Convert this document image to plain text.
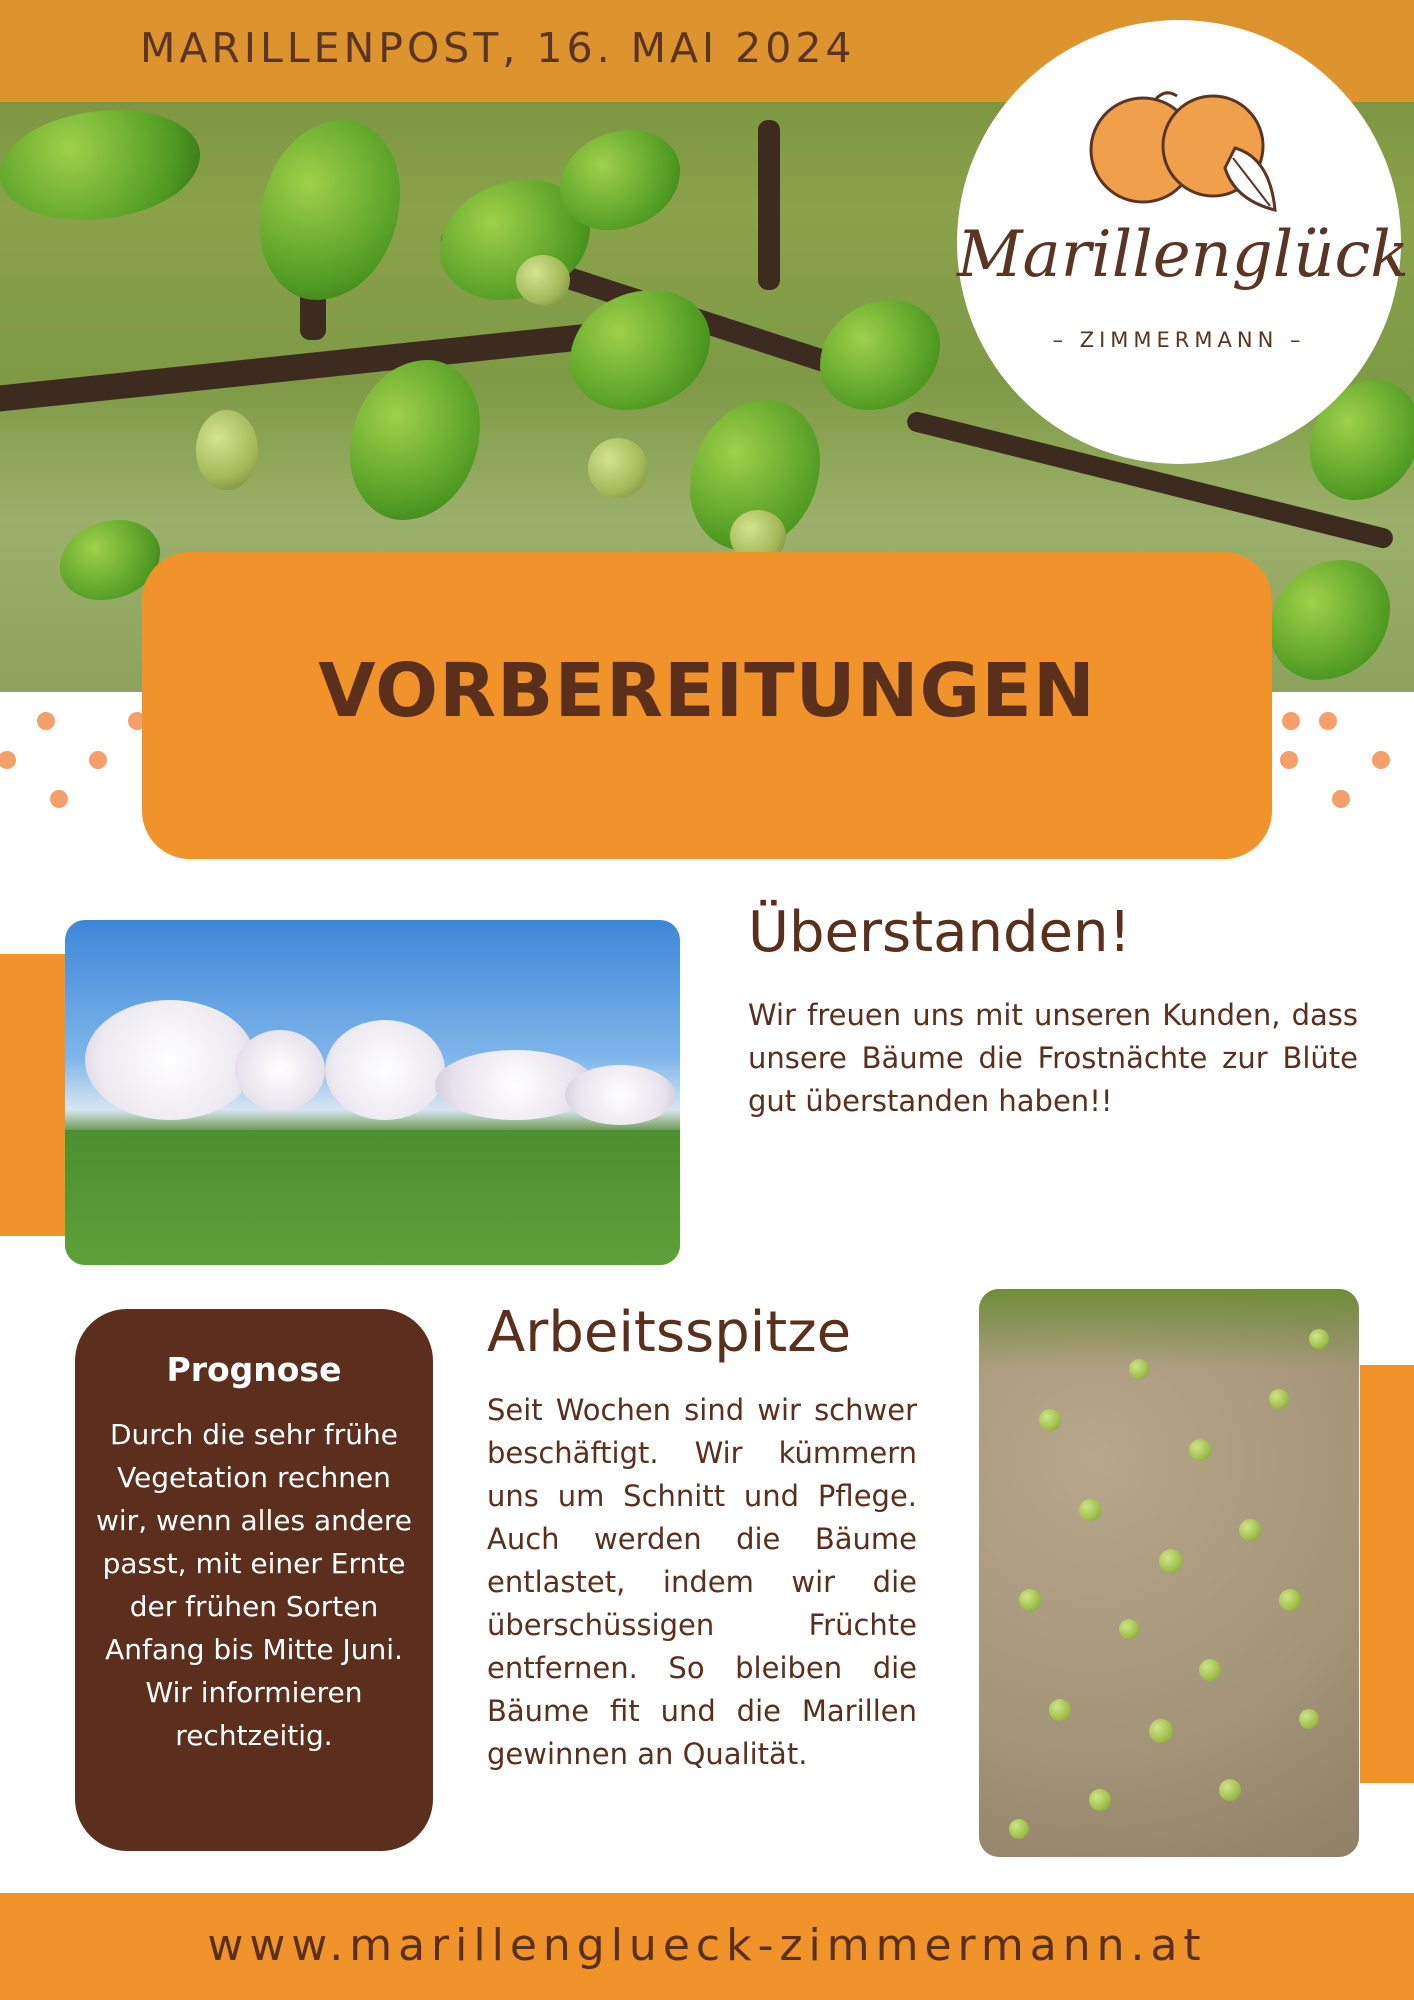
MARILLENPOST, 16. MAI 2024
Marillenglück
– ZIMMERMANN –
VORBEREITUNGEN
Überstanden!
Wir freuen uns mit unseren Kunden, dass unsere Bäume die Frostnächte zur Blüte gut überstanden haben!!
Prognose
Durch die sehr frühe Vegetation rechnen wir, wenn alles andere passt, mit einer Ernte der frühen Sorten Anfang bis Mitte Juni. Wir informieren rechtzeitig.
Arbeitsspitze
Seit Wochen sind wir schwer beschäftigt. Wir kümmern uns um Schnitt und Pflege. Auch werden die Bäume entlastet, indem wir die überschüssigen Früchte entfernen. So bleiben die Bäume fit und die Marillen gewinnen an Qualität.
www.marillenglueck-zimmermann.at
